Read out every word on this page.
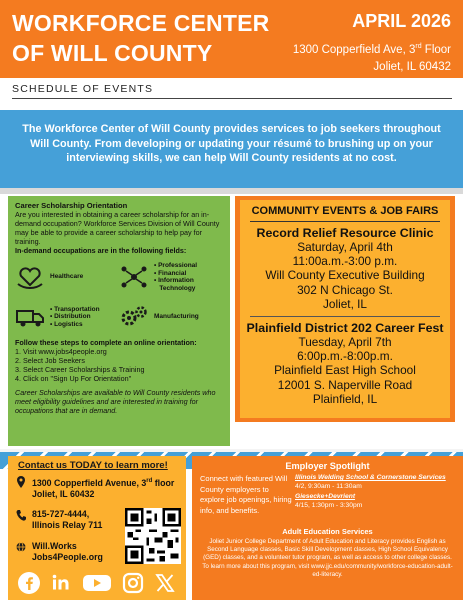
WORKFORCE CENTER
OF WILL COUNTY
APRIL 2026
1300 Copperfield Ave, 3rd Floor
Joliet, IL 60432
SCHEDULE OF EVENTS
The Workforce Center of Will County provides services to job seekers throughout Will County. From developing or updating your résumé to brushing up on your interviewing skills, we can help Will County residents at no cost.
Career Scholarship Orientation
Are you interested in obtaining a career scholarship for an in-demand occupation? Workforce Services Division of Will County may be able to provide a career scholarship to help pay for training.
In-demand occupations are in the following fields:
Healthcare
• Professional
• Financial
• Information
Technology
• Transportation
• Distribution
• Logistics
Manufacturing
Follow these steps to complete an online orientation:
1. Visit www.jobs4people.org
2. Select Job Seekers
3. Select Career Scholarships & Training
4. Click on "Sign Up For Orientation"
Career Scholarships are available to Will County residents who meet eligibility guidelines and are interested in training for occupations that are in demand.
COMMUNITY EVENTS & JOB FAIRS
Record Relief Resource Clinic
Saturday, April 4th
11:00a.m.-3:00 p.m.
Will County Executive Building
302 N Chicago St.
Joliet, IL
Plainfield District 202 Career Fest
Tuesday, April 7th
6:00p.m.-8:00p.m.
Plainfield East High School
12001 S. Naperville Road
Plainfield, IL
Contact us TODAY to learn more!
1300 Copperfield Avenue, 3rd floor
Joliet, IL 60432
815-727-4444,
Illinois Relay 711
Will.Works
Jobs4People.org
Employer Spotlight
Connect with featured Will County employers to explore job openings, hiring info, and benefits.
Illinois Welding School & Cornerstone Services
4/2, 9:30am - 11:30am
Giesecke+Devrient
4/15, 1:30pm - 3:30pm
Adult Education Services
Joliet Junior College Department of Adult Education and Literacy provides English as Second Language classes, Basic Skill Development classes, High School Equivalency (GED) classes, and a volunteer tutor program, as well as access to other college classes. To learn more about this program, visit www.jjc.edu/community/workforce-education-adult-ed-literacy.
